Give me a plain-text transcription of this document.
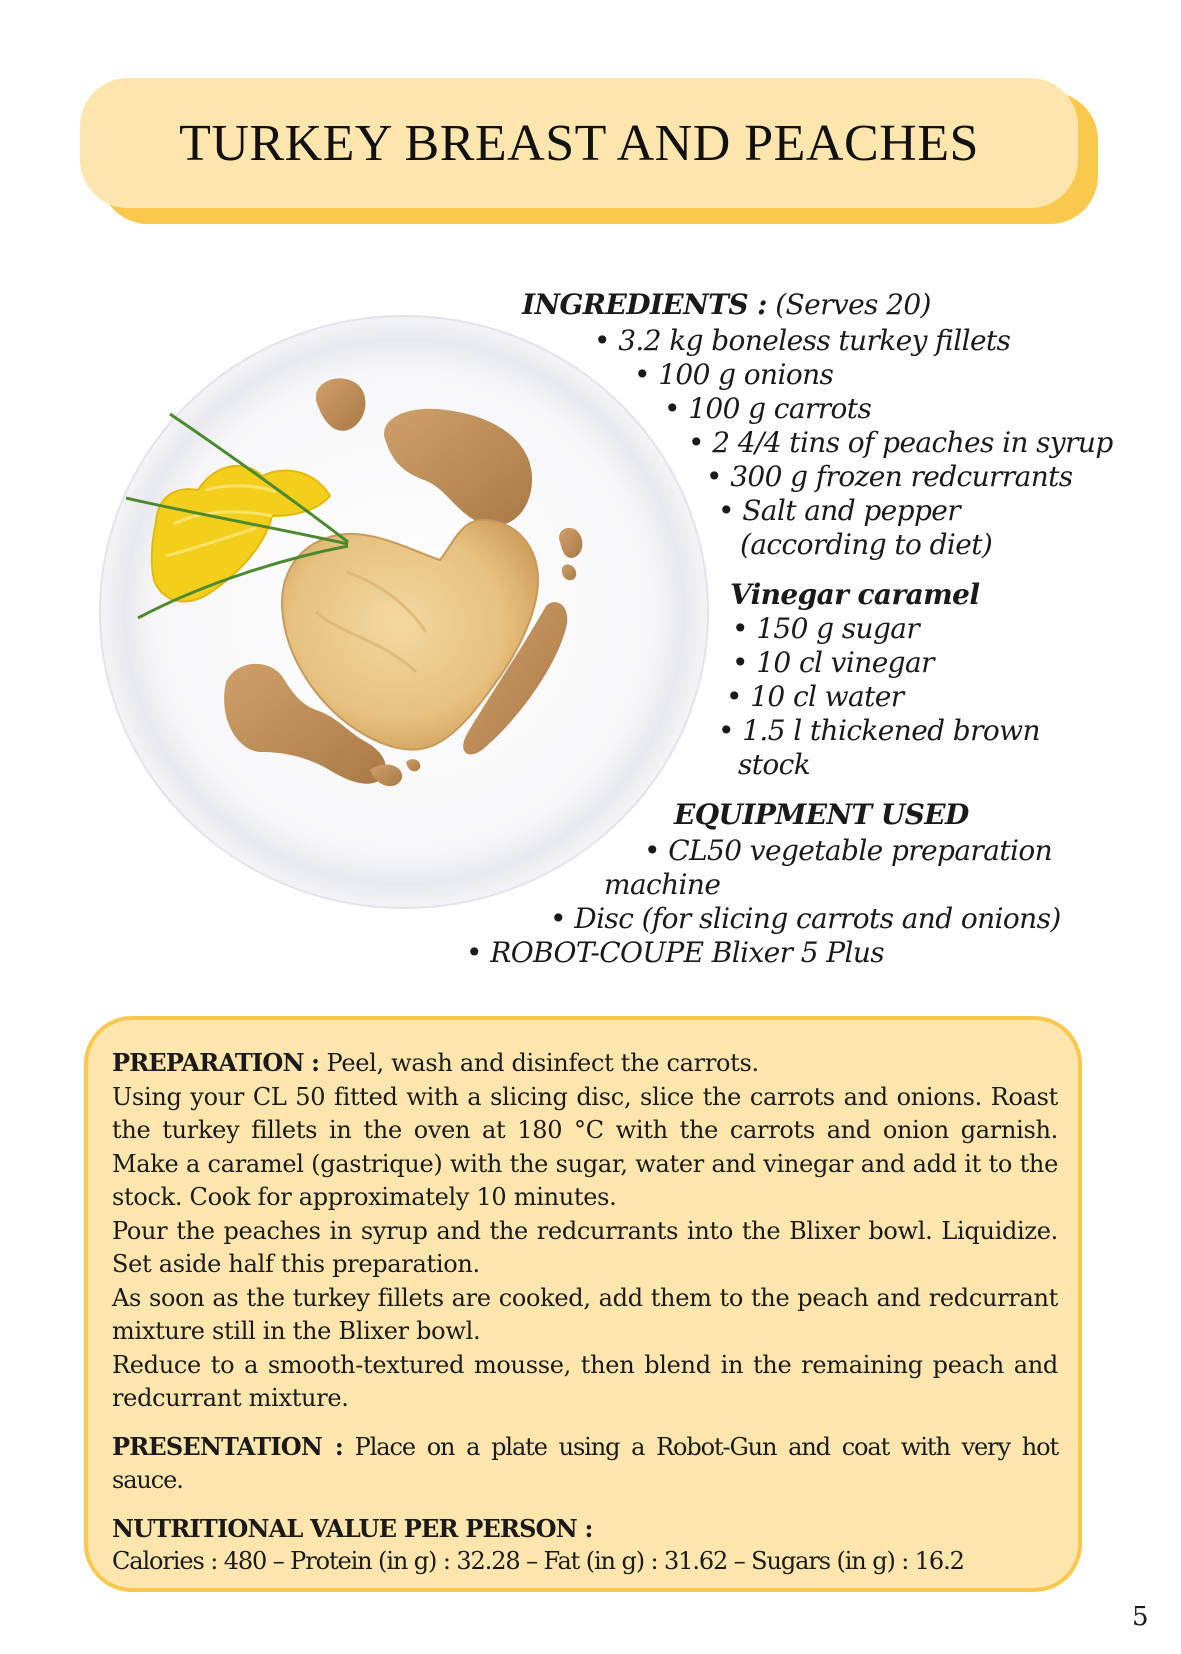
TURKEY BREAST AND PEACHES
INGREDIENTS : (Serves 20)
• 3.2 kg boneless turkey fillets
• 100 g onions
• 100 g carrots
• 2 4/4 tins of peaches in syrup
• 300 g frozen redcurrants
• Salt and pepper
(according to diet)
Vinegar caramel
• 150 g sugar
• 10 cl vinegar
• 10 cl water
• 1.5 l thickened brown
stock
EQUIPMENT USED
• CL50 vegetable preparation
machine
• Disc (for slicing carrots and onions)
• ROBOT-COUPE Blixer 5 Plus

PREPARATION : Peel, wash and disinfect the carrots.

Using your CL 50 fitted with a slicing disc, slice the carrots and onions. Roast the turkey fillets in the oven at 180 °C with the carrots and onion garnish. Make a caramel (gastrique) with the sugar, water and vinegar and add it to the stock. Cook for approximately 10 minutes.

Pour the peaches in syrup and the redcurrants into the Blixer bowl. Liquidize. Set aside half this preparation.

As soon as the turkey fillets are cooked, add them to the peach and redcurrant mixture still in the Blixer bowl.

Reduce to a smooth-textured mousse, then blend in the remaining peach and redcurrant mixture.

PRESENTATION : Place on a plate using a Robot-Gun and coat with very hot sauce.

NUTRITIONAL VALUE PER PERSON :

Calories : 480 – Protein (in g) : 32.28 – Fat (in g) : 31.62 – Sugars (in g) : 16.2

5
